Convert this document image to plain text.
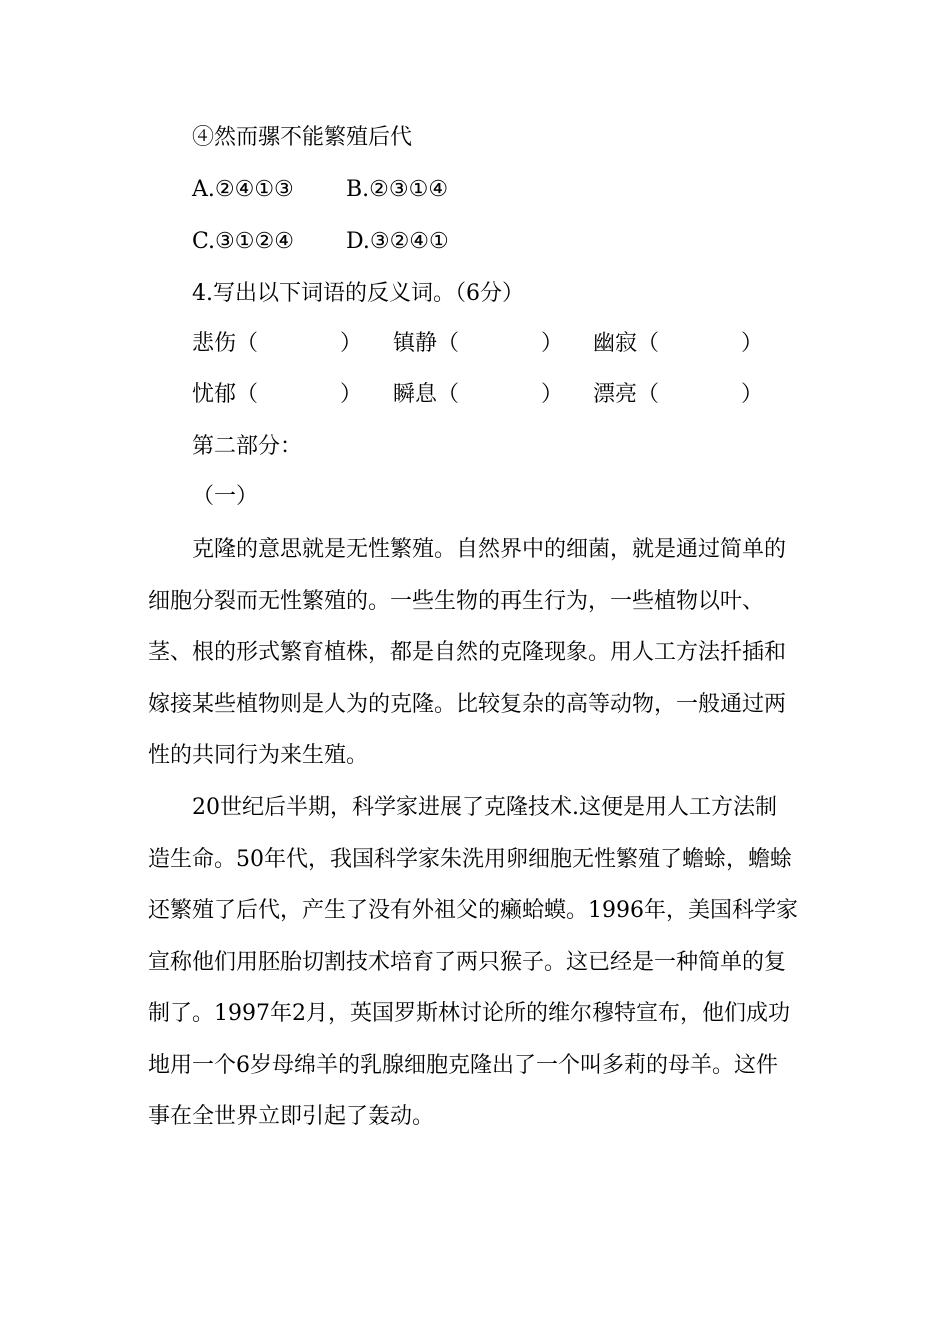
④然而骡不能繁殖后代
A.②④①③ B.②③①④
C.③①②④ D.③②④①
4.写出以下词语的反义词。（6分）
悲伤（	） 镇静（	） 幽寂（	）
忧郁（	） 瞬息（	） 漂亮（	）
第二部分：
（一）
克隆的意思就是无性繁殖。自然界中的细菌，就是通过简单的
细胞分裂而无性繁殖的。一些生物的再生行为，一些植物以叶、
茎、根的形式繁育植株，都是自然的克隆现象。用人工方法扦插和
嫁接某些植物则是人为的克隆。比较复杂的高等动物，一般通过两
性的共同行为来生殖。
20世纪后半期，科学家进展了克隆技术.这便是用人工方法制
造生命。50年代，我国科学家朱洗用卵细胞无性繁殖了蟾蜍，蟾蜍
还繁殖了后代，产生了没有外祖父的癞蛤蟆。1996年，美国科学家
宣称他们用胚胎切割技术培育了两只猴子。这已经是一种简单的复
制了。1997年2月，英国罗斯林讨论所的维尔穆特宣布，他们成功
地用一个6岁母绵羊的乳腺细胞克隆出了一个叫多莉的母羊。这件
事在全世界立即引起了轰动。
